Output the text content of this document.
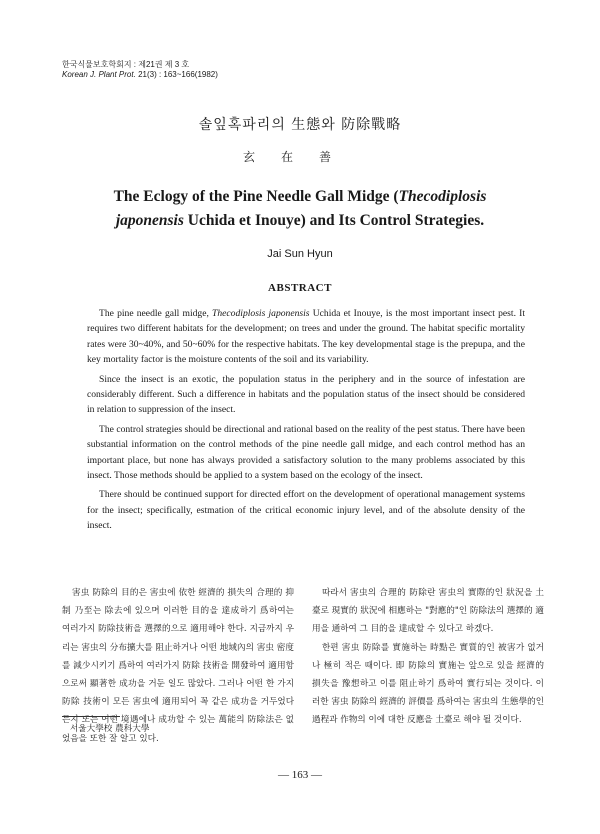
한국식물보호학회지 : 제21권 제 3 호
Korean J. Plant Prot. 21(3) : 163~166(1982)
솔잎혹파리의 生態와 防除戰略
玄在善
The Eclogy of the Pine Needle Gall Midge (Thecodiplosis japonensis Uchida et Inouye) and Its Control Strategies.
Jai Sun Hyun
ABSTRACT

The pine needle gall midge, Thecodiplosis japonensis Uchida et Inouye, is the most important insect pest. It requires two different habitats for the development; on trees and under the ground. The habitat specific mortality rates were 30~40%, and 50~60% for the respective habitats. The key developmental stage is the prepupa, and the key mortality factor is the moisture contents of the soil and its variability.

Since the insect is an exotic, the population status in the periphery and in the source of infestation are considerably different. Such a difference in habitats and the population status of the insect should be considered in relation to suppression of the insect.

The control strategies should be directional and rational based on the reality of the pest status. There have been substantial information on the control methods of the pine needle gall midge, and each control method has an important place, but none has always provided a satisfactory solution to the many problems associated by this insect. Those methods should be applied to a system based on the ecology of the insect.

There should be continued support for directed effort on the development of operational management systems for the insect; specifically, estmation of the critical economic injury level, and of the absolute density of the insect.

害虫 防除의 目的은 害虫에 依한 經濟的 損失의 合理的 抑制 乃至는 除去에 있으며 이러한 目的을 達成하기 爲하여는 여러가지 防除技術을 選擇的으로 適用해야 한다. 지금까지 우리는 害虫의 分布擴大를 阻止하거나 어떤 地域內의 害虫 密度를 減少시키기 爲하여 여러가지 防除 技術을 開發하여 適用함으로써 顯著한 成功을 거둔 일도 많았다. 그러나 어떤 한 가지 防除 技術이 모든 害虫에 適用되어 꼭 같은 成功을 거두었다든지 또는 어떤 境遇에나 成功할 수 있는 萬能의 防除法은 없었음을 또한 잘 알고 있다.

따라서 害虫의 合理的 防除란 害虫의 實際的인 狀況을 土臺로 現實的 狀況에 相應하는 "對應的"인 防除法의 選擇的 適用을 通하여 그 目的을 達成할 수 있다고 하겠다.

한편 害虫 防除를 實施하는 時點은 實質的인 被害가 없거나 極히 적은 때이다. 即 防除의 實施는 앞으로 있을 經濟的 損失을 豫想하고 이를 阻止하기 爲하여 實行되는 것이다. 이러한 害虫 防除의 經濟的 評價를 爲하여는 害虫의 生態學的인 過程과 作物의 이에 대한 反應을 土臺로 해야 될 것이다.

서울大學校 農科大學
— 163 —
